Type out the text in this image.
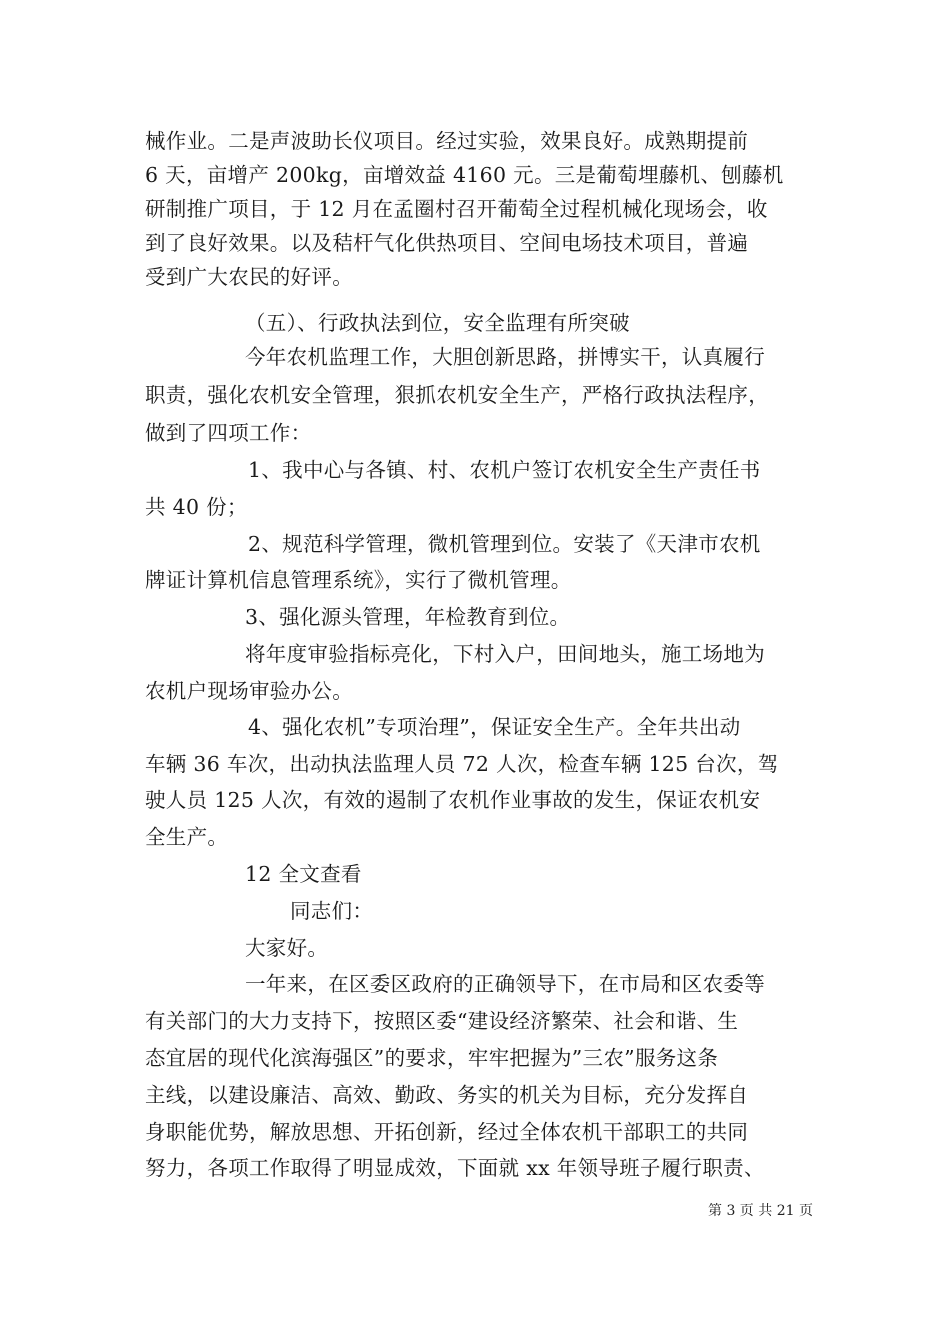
械作业。二是声波助长仪项目。经过实验，效果良好。成熟期提前
6 天，亩增产 200kg，亩增效益 4160 元。三是葡萄埋藤机、刨藤机
研制推广项目，于 12 月在孟圈村召开葡萄全过程机械化现场会，收
到了良好效果。以及秸杆气化供热项目、空间电场技术项目，普遍
受到广大农民的好评。
（五）、行政执法到位，安全监理有所突破
今年农机监理工作，大胆创新思路，拼博实干，认真履行
职责，强化农机安全管理，狠抓农机安全生产，严格行政执法程序，
做到了四项工作：
1、我中心与各镇、村、农机户签订农机安全生产责任书
共 40 份；
2、规范科学管理，微机管理到位。安装了《天津市农机
牌证计算机信息管理系统》，实行了微机管理。
3、强化源头管理，年检教育到位。
将年度审验指标亮化，下村入户，田间地头，施工场地为
农机户现场审验办公。
4、强化农机”专项治理”，保证安全生产。全年共出动
车辆 36 车次，出动执法监理人员 72 人次，检查车辆 125 台次，驾
驶人员 125 人次，有效的遏制了农机作业事故的发生，保证农机安
全生产。
12 全文查看
同志们：
大家好。
一年来，在区委区政府的正确领导下，在市局和区农委等
有关部门的大力支持下，按照区委“建设经济繁荣、社会和谐、生
态宜居的现代化滨海强区”的要求，牢牢把握为”三农”服务这条
主线，以建设廉洁、高效、勤政、务实的机关为目标，充分发挥自
身职能优势，解放思想、开拓创新，经过全体农机干部职工的共同
努力，各项工作取得了明显成效，下面就 xx 年领导班子履行职责、
第 3 页 共 21 页
